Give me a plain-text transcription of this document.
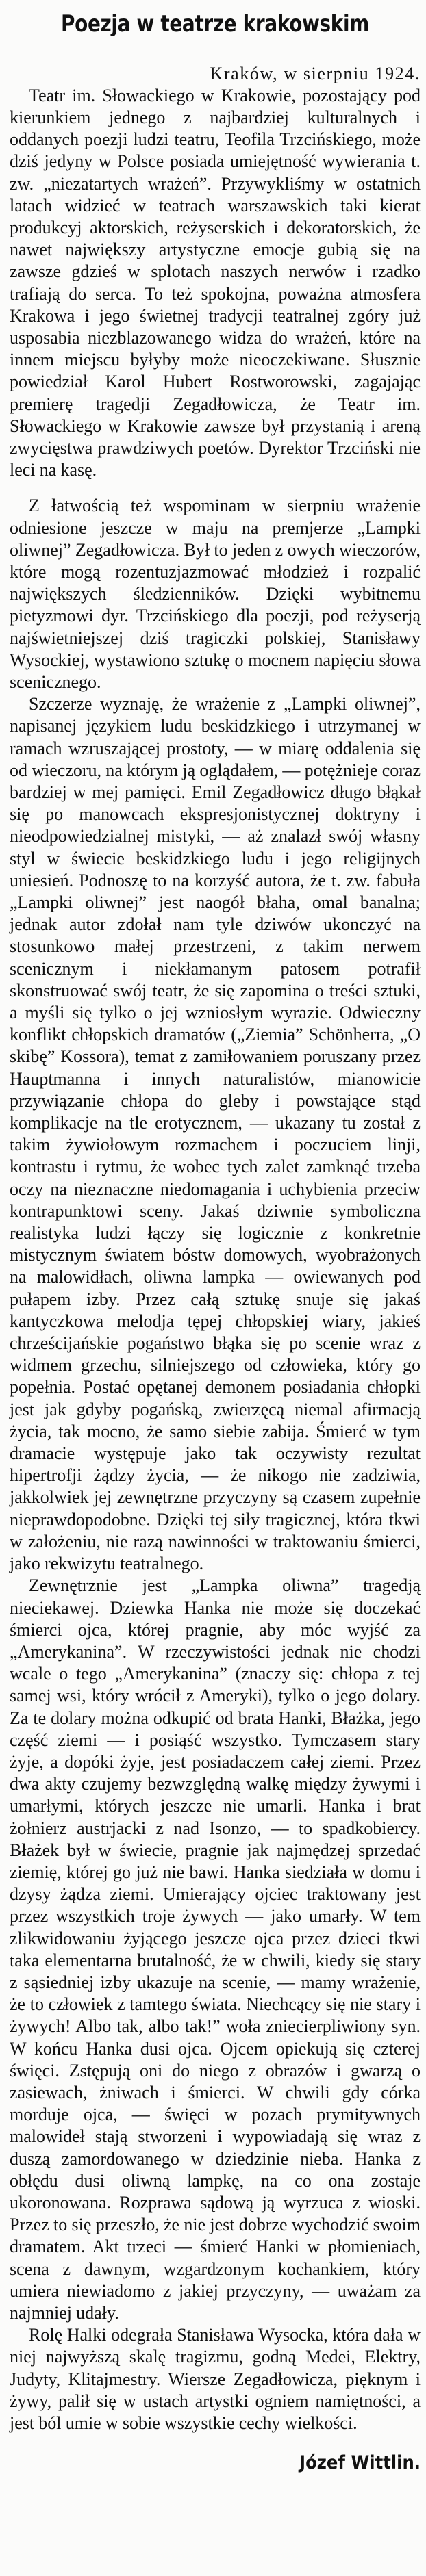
Poezja w teatrze krakowskim
Kraków, w sierpniu 1924.

Teatr im. Słowackiego w Krakowie, pozostający pod kierunkiem jednego z najbardziej kulturalnych i oddanych poezji ludzi teatru, Teofila Trzcińskiego, może dziś jedyny w Polsce posiada umiejętność wywierania t. zw. „niezatartych wrażeń”. Przywykliśmy w ostatnich latach widzieć w teatrach warszawskich taki kierat produkcyj aktorskich, reżyserskich i dekoratorskich, że nawet największy artystyczne emocje gubią się na zawsze gdzieś w splotach naszych nerwów i rzadko trafiają do serca. To też spokojna, poważna atmosfera Krakowa i jego świetnej tradycji teatralnej zgóry już usposabia niezblazowanego widza do wrażeń, które na innem miejscu byłyby może nieoczekiwane. Słusznie powiedział Karol Hubert Rostworowski, zagajając premierę tragedji Zegadłowicza, że Teatr im. Słowackiego w Krakowie zawsze był przystanią i areną zwycięstwa prawdziwych poetów. Dyrektor Trzciński nie leci na kasę.

Z łatwością też wspominam w sierpniu wrażenie odniesione jeszcze w maju na premjerze „Lampki oliwnej” Zegadłowicza. Był to jeden z owych wieczorów, które mogą rozentuzjazmować młodzież i rozpalić największych śledzienników. Dzięki wybitnemu pietyzmowi dyr. Trzcińskiego dla poezji, pod reżyserją najświetniejszej dziś tragiczki polskiej, Stanisławy Wysockiej, wystawiono sztukę o mocnem napięciu słowa scenicznego.

Szczerze wyznaję, że wrażenie z „Lampki oliwnej”, napisanej językiem ludu beskidzkiego i utrzymanej w ramach wzruszającej prostoty, — w miarę oddalenia się od wieczoru, na którym ją oglądałem, — potężnieje coraz bardziej w mej pamięci. Emil Zegadłowicz długo błąkał się po manowcach ekspresjonistycznej doktryny i nieodpowiedzialnej mistyki, — aż znalazł swój własny styl w świecie beskidzkiego ludu i jego religijnych uniesień. Podnoszę to na korzyść autora, że t. zw. fabuła „Lampki oliwnej” jest naogół błaha, omal banalna; jednak autor zdołał nam tyle dziwów ukonczyć na stosunkowo małej przestrzeni, z takim nerwem scenicznym i niekłamanym patosem potrafił skonstruować swój teatr, że się zapomina o treści sztuki, a myśli się tylko o jej wzniosłym wyrazie. Odwieczny konflikt chłopskich dramatów („Ziemia” Schönherra, „O skibę” Kossora), temat z zamiłowaniem poruszany przez Hauptmanna i innych naturalistów, mianowicie przywiązanie chłopa do gleby i powstające stąd komplikacje na tle erotycznem, — ukazany tu został z takim żywiołowym rozmachem i poczuciem linji, kontrastu i rytmu, że wobec tych zalet zamknąć trzeba oczy na nieznaczne niedomagania i uchybienia przeciw kontrapunktowi sceny. Jakaś dziwnie symboliczna realistyka ludzi łączy się logicznie z konkretnie mistycznym światem bóstw domowych, wyobrażonych na malowidłach, oliwna lampka — owiewanych pod pułapem izby. Przez całą sztukę snuje się jakaś kantyczkowa melodja tępej chłopskiej wiary, jakieś chrześcijańskie pogaństwo błąka się po scenie wraz z widmem grzechu, silniejszego od człowieka, który go popełnia. Postać opętanej demonem posiadania chłopki jest jak gdyby pogańską, zwierzęcą niemal afirmacją życia, tak mocno, że samo siebie zabija. Śmierć w tym dramacie występuje jako tak oczywisty rezultat hipertrofji żądzy życia, — że nikogo nie zadziwia, jakkolwiek jej zewnętrzne przyczyny są czasem zupełnie nieprawdopodobne. Dzięki tej siły tragicznej, która tkwi w założeniu, nie razą nawinności w traktowaniu śmierci, jako rekwizytu teatralnego.

Zewnętrznie jest „Lampka oliwna” tragedją nieciekawej. Dziewka Hanka nie może się doczekać śmierci ojca, której pragnie, aby móc wyjść za „Amerykanina”. W rzeczywistości jednak nie chodzi wcale o tego „Amerykanina” (znaczy się: chłopa z tej samej wsi, który wrócił z Ameryki), tylko o jego dolary. Za te dolary można odkupić od brata Hanki, Błażka, jego część ziemi — i posiąść wszystko. Tymczasem stary żyje, a dopóki żyje, jest posiadaczem całej ziemi. Przez dwa akty czujemy bezwzględną walkę między żywymi i umarłymi, których jeszcze nie umarli. Hanka i brat żołnierz austrjacki z nad Isonzo, — to spadkobiercy. Błażek był w świecie, pragnie jak najmędzej sprzedać ziemię, której go już nie bawi. Hanka siedziała w domu i dzysy żądza ziemi. Umierający ojciec traktowany jest przez wszystkich troje żywych — jako umarły. W tem zlikwidowaniu żyjącego jeszcze ojca przez dzieci tkwi taka elementarna brutalność, że w chwili, kiedy się stary z sąsiedniej izby ukazuje na scenie, — mamy wrażenie, że to człowiek z tamtego świata. Niechcący się nie stary i żywych! Albo tak, albo tak!” woła zniecierpliwiony syn. W końcu Hanka dusi ojca. Ojcem opiekują się czterej święci. Zstępują oni do niego z obrazów i gwarzą o zasiewach, żniwach i śmierci. W chwili gdy córka morduje ojca, — święci w pozach prymitywnych malowideł stają stworzeni i wypowiadają się wraz z duszą zamordowanego w dziedzinie nieba. Hanka z obłędu dusi oliwną lampkę, na co ona zostaje ukoronowana. Rozprawa sądową ją wyrzuca z wioski. Przez to się przeszło, że nie jest dobrze wychodzić swoim dramatem. Akt trzeci — śmierć Hanki w płomieniach, scena z dawnym, wzgardzonym kochankiem, który umiera niewiadomo z jakiej przyczyny, — uważam za najmniej udały.

Rolę Halki odegrała Stanisława Wysocka, która dała w niej najwyższą skalę tragizmu, godną Medei, Elektry, Judyty, Klitajmestry. Wiersze Zegadłowicza, pięknym i żywy, palił się w ustach artystki ogniem namiętności, a jest ból umie w sobie wszystkie cechy wielkości.

Józef Wittlin.
